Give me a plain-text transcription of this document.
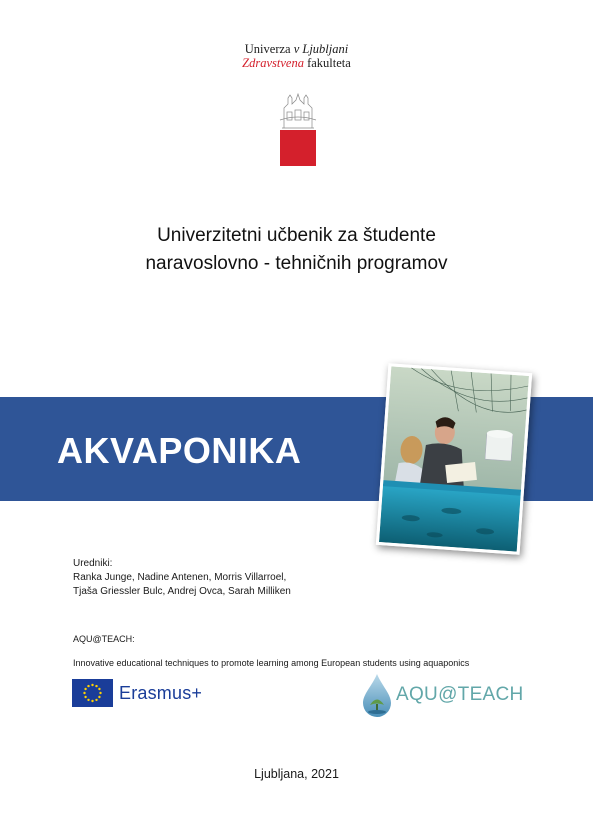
Univerza v Ljubljani
Zdravstvena fakulteta
Univerzitetni učbenik za študente
naravoslovno - tehničnih programov
AKVAPONIKA
Uredniki:
Ranka Junge, Nadine Antenen, Morris Villarroel,
Tjaša Griessler Bulc, Andrej Ovca, Sarah Milliken
AQU@TEACH:
Innovative educational techniques to promote learning among European students using aquaponics
Erasmus+	AQU@TEACH
Ljubljana, 2021
